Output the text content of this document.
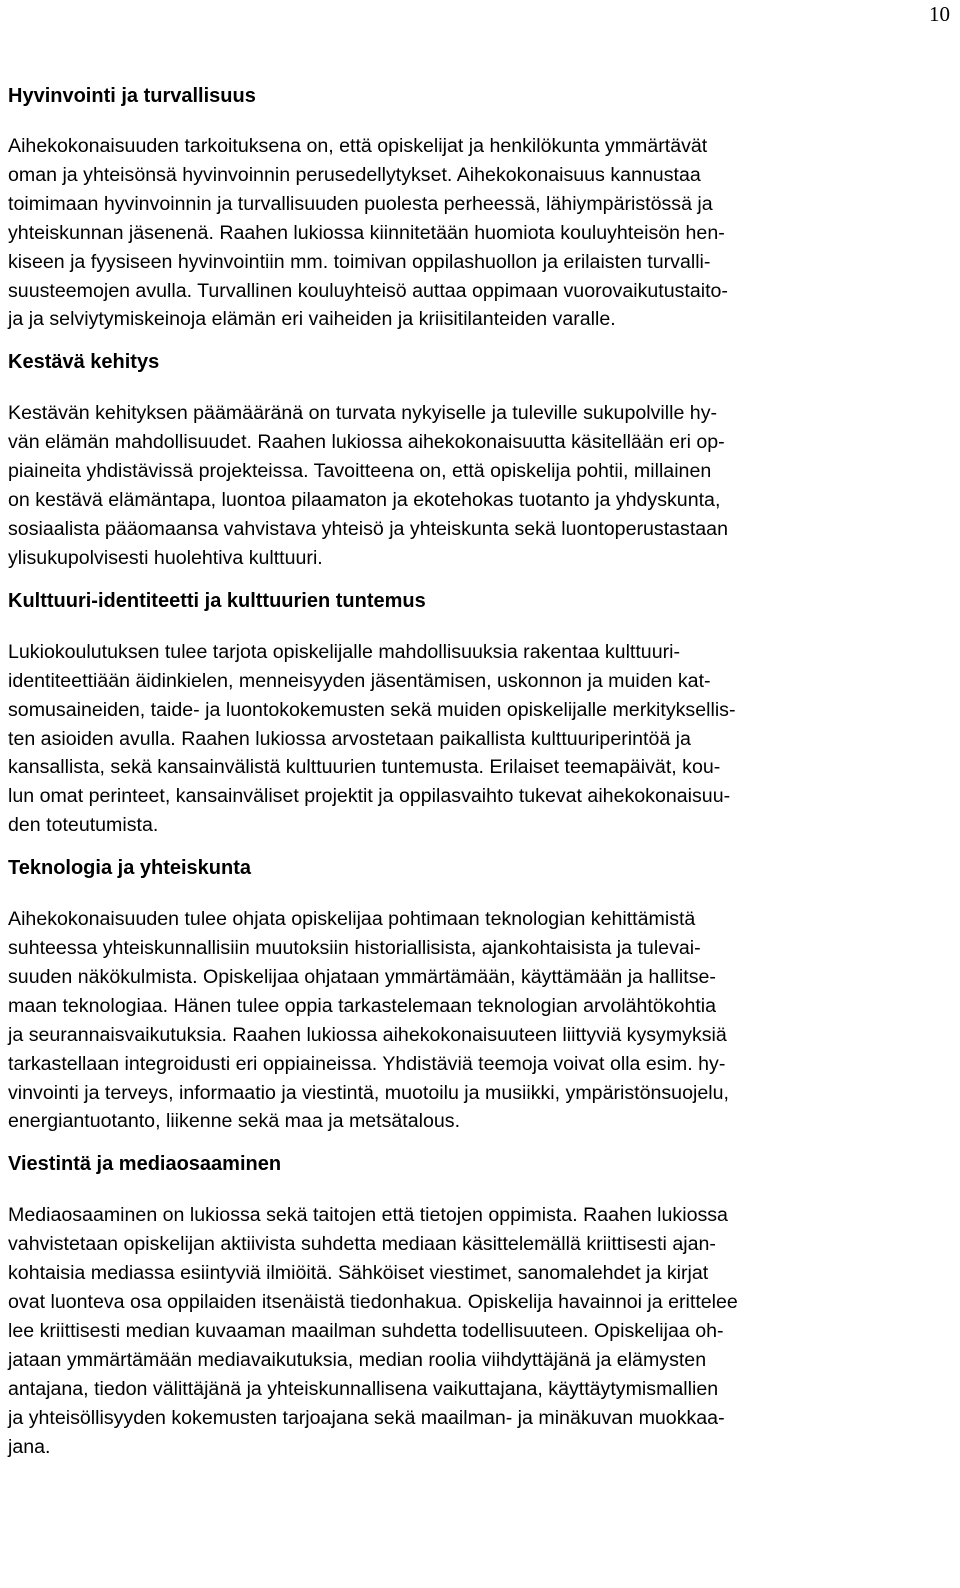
10
Hyvinvointi ja turvallisuus
Aihekokonaisuuden tarkoituksena on, että opiskelijat ja henkilökunta ymmärtävät
oman ja yhteisönsä hyvinvoinnin perusedellytykset. Aihekokonaisuus kannustaa
toimimaan hyvinvoinnin ja turvallisuuden puolesta perheessä, lähiympäristössä ja
yhteiskunnan jäsenenä. Raahen lukiossa kiinnitetään huomiota kouluyhteisön hen-
kiseen ja fyysiseen hyvinvointiin mm. toimivan oppilashuollon ja erilaisten turvalli-
suusteemojen avulla. Turvallinen kouluyhteisö auttaa oppimaan vuorovaikutustaito-
ja ja selviytymiskeinoja elämän eri vaiheiden ja kriisitilanteiden varalle.
Kestävä kehitys
Kestävän kehityksen päämääränä on turvata nykyiselle ja tuleville sukupolville hy-
vän elämän mahdollisuudet. Raahen lukiossa aihekokonaisuutta käsitellään eri op-
piaineita yhdistävissä projekteissa. Tavoitteena on, että opiskelija pohtii, millainen
on kestävä elämäntapa, luontoa pilaamaton ja ekotehokas tuotanto ja yhdyskunta,
sosiaalista pääomaansa vahvistava yhteisö ja yhteiskunta sekä luontoperustastaan
ylisukupolvisesti huolehtiva kulttuuri.
Kulttuuri-identiteetti ja kulttuurien tuntemus
Lukiokoulutuksen tulee tarjota opiskelijalle mahdollisuuksia rakentaa kulttuuri-
identiteettiään äidinkielen, menneisyyden jäsentämisen, uskonnon ja muiden kat-
somusaineiden, taide- ja luontokokemusten sekä muiden opiskelijalle merkityksellis-
ten asioiden avulla. Raahen lukiossa arvostetaan paikallista kulttuuriperintöä ja
kansallista, sekä kansainvälistä kulttuurien tuntemusta. Erilaiset teemapäivät, kou-
lun omat perinteet, kansainväliset projektit ja oppilasvaihto tukevat aihekokonaisuu-
den toteutumista.
Teknologia ja yhteiskunta
Aihekokonaisuuden tulee ohjata opiskelijaa pohtimaan teknologian kehittämistä
suhteessa yhteiskunnallisiin muutoksiin historiallisista, ajankohtaisista ja tulevai-
suuden näkökulmista. Opiskelijaa ohjataan ymmärtämään, käyttämään ja hallitse-
maan teknologiaa. Hänen tulee oppia tarkastelemaan teknologian arvolähtökohtia
ja seurannaisvaikutuksia. Raahen lukiossa aihekokonaisuuteen liittyviä kysymyksiä
tarkastellaan integroidusti eri oppiaineissa. Yhdistäviä teemoja voivat olla esim. hy-
vinvointi ja terveys, informaatio ja viestintä, muotoilu ja musiikki, ympäristönsuojelu,
energiantuotanto, liikenne sekä maa ja metsätalous.
Viestintä ja mediaosaaminen
Mediaosaaminen on lukiossa sekä taitojen että tietojen oppimista. Raahen lukiossa
vahvistetaan opiskelijan aktiivista suhdetta mediaan käsittelemällä kriittisesti ajan-
kohtaisia mediassa esiintyviä ilmiöitä. Sähköiset viestimet, sanomalehdet ja kirjat
ovat luonteva osa oppilaiden itsenäistä tiedonhakua. Opiskelija havainnoi ja erittelee
lee kriittisesti median kuvaaman maailman suhdetta todellisuuteen. Opiskelijaa oh-
jataan ymmärtämään mediavaikutuksia, median roolia viihdyttäjänä ja elämysten
antajana, tiedon välittäjänä ja yhteiskunnallisena vaikuttajana, käyttäytymismallien
ja yhteisöllisyyden kokemusten tarjoajana sekä maailman- ja minäkuvan muokkaa-
jana.
